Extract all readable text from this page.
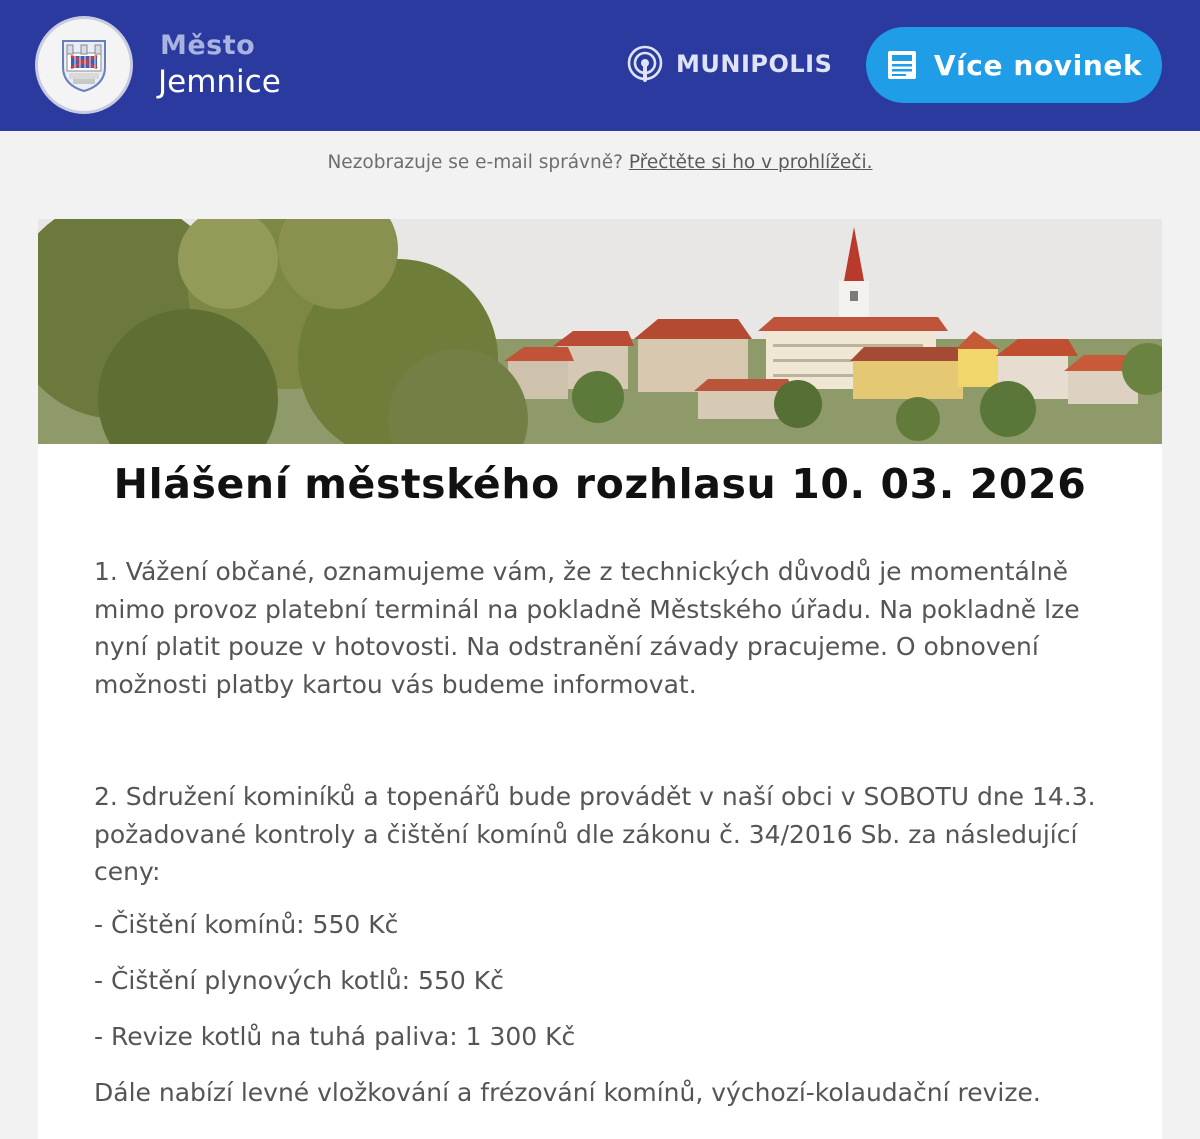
Město
Jemnice	MUNIPOLIS	Více novinek
Nezobrazuje se e-mail správně? Přečtěte si ho v prohlížeči.
Hlášení městského rozhlasu 10. 03. 2026

1. Vážení občané, oznamujeme vám, že z technických důvodů je momentálně mimo provoz platební terminál na pokladně Městského úřadu. Na pokladně lze nyní platit pouze v hotovosti. Na odstranění závady pracujeme. O obnovení možnosti platby kartou vás budeme informovat.

2. Sdružení kominíků a topenářů bude provádět v naší obci v SOBOTU dne 14.3. požadované kontroly a čištění komínů dle zákonu č. 34/2016 Sb. za následující ceny:

- Čištění komínů: 550 Kč

- Čištění plynových kotlů: 550 Kč

- Revize kotlů na tuhá paliva: 1 300 Kč

Dále nabízí levné vložkování a frézování komínů, výchozí-kolaudační revize.
